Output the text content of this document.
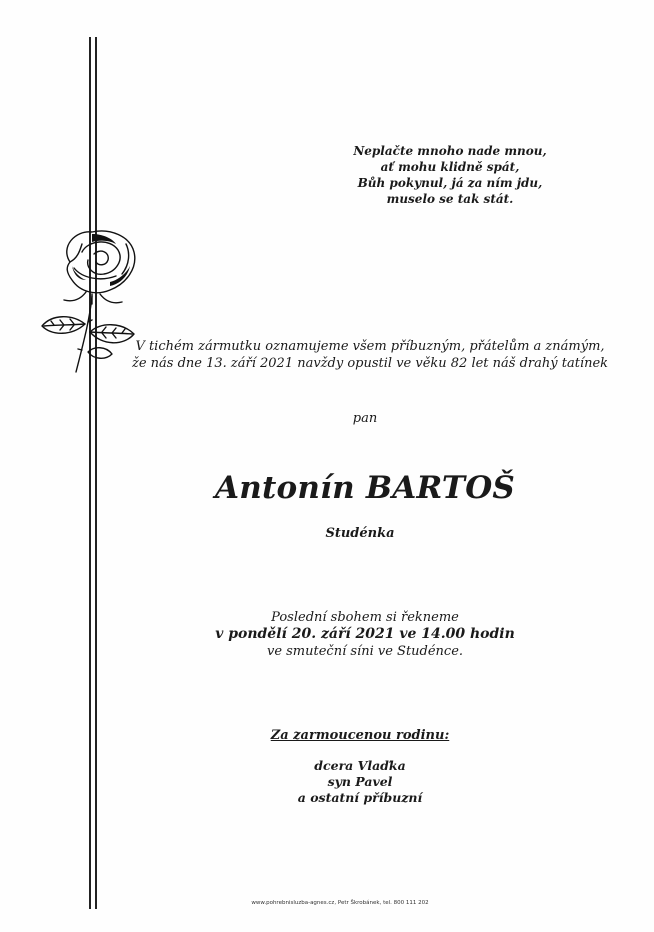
Neplačte mnoho nade mnou,
ať mohu klidně spát,
Bůh pokynul, já za ním jdu,
muselo se tak stát.
V tichém zármutku oznamujeme všem příbuzným, přátelům a známým,
že nás dne 13. září 2021 navždy opustil ve věku 82 let náš drahý tatínek
pan
Antonín BARTOŠ
Studénka
Poslední sbohem si řekneme
v pondělí 20. září 2021 ve 14.00 hodin
ve smuteční síni ve Studénce.
Za zarmoucenou rodinu:
dcera Vlaďka
syn Pavel
a ostatní příbuzní
www.pohrebnisluzba-agnes.cz, Petr Škrobánek, tel. 800 111 202
